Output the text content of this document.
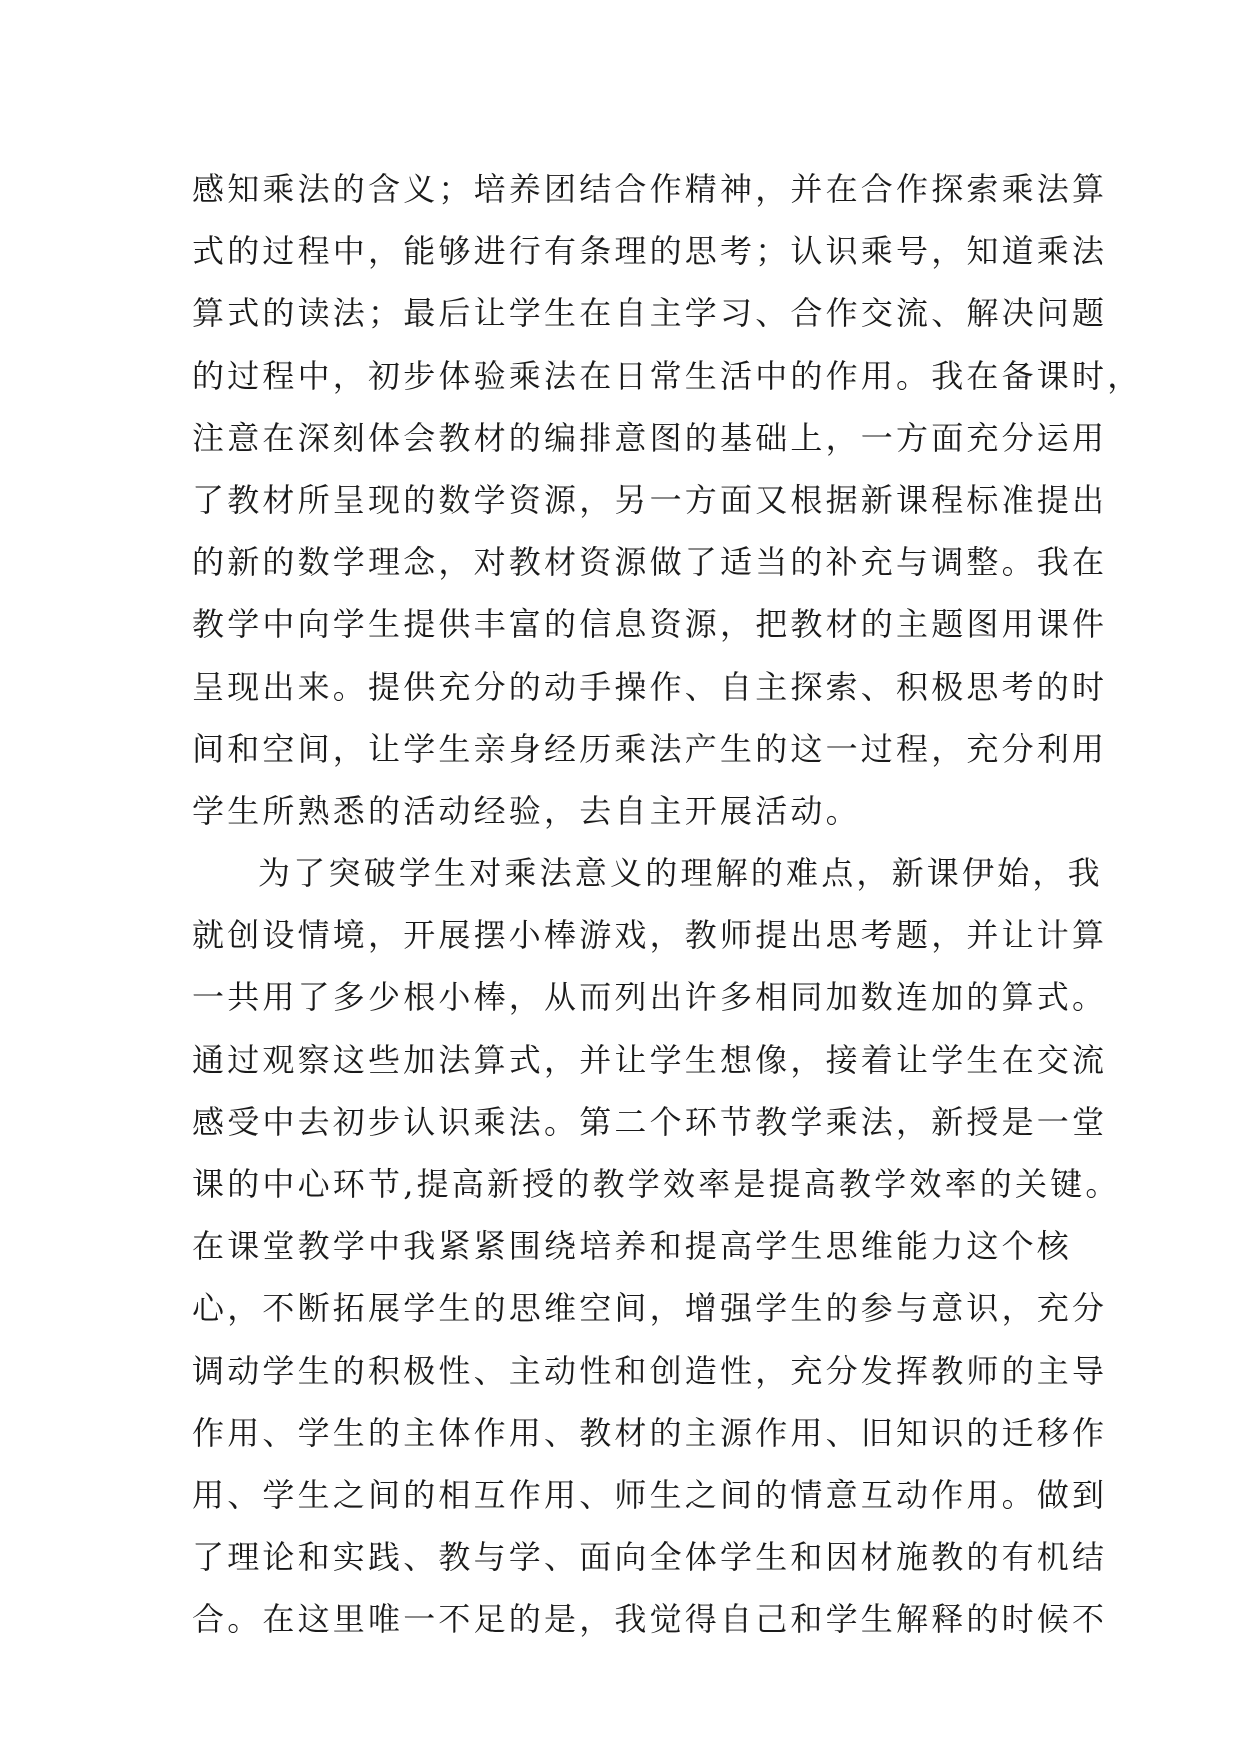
感知乘法的含义；培养团结合作精神，并在合作探索乘法算
式的过程中，能够进行有条理的思考；认识乘号，知道乘法
算式的读法；最后让学生在自主学习、合作交流、解决问题
的过程中，初步体验乘法在日常生活中的作用。我在备课时，
注意在深刻体会教材的编排意图的基础上，一方面充分运用
了教材所呈现的数学资源，另一方面又根据新课程标准提出
的新的数学理念，对教材资源做了适当的补充与调整。我在
教学中向学生提供丰富的信息资源，把教材的主题图用课件
呈现出来。提供充分的动手操作、自主探索、积极思考的时
间和空间，让学生亲身经历乘法产生的这一过程，充分利用
学生所熟悉的活动经验，去自主开展活动。
为了突破学生对乘法意义的理解的难点，新课伊始，我
就创设情境，开展摆小棒游戏，教师提出思考题，并让计算
一共用了多少根小棒，从而列出许多相同加数连加的算式。
通过观察这些加法算式，并让学生想像，接着让学生在交流
感受中去初步认识乘法。第二个环节教学乘法，新授是一堂
课的中心环节,提高新授的教学效率是提高教学效率的关键。
在课堂教学中我紧紧围绕培养和提高学生思维能力这个核
心，不断拓展学生的思维空间，增强学生的参与意识，充分
调动学生的积极性、主动性和创造性，充分发挥教师的主导
作用、学生的主体作用、教材的主源作用、旧知识的迁移作
用、学生之间的相互作用、师生之间的情意互动作用。做到
了理论和实践、教与学、面向全体学生和因材施教的有机结
合。在这里唯一不足的是，我觉得自己和学生解释的时候不
